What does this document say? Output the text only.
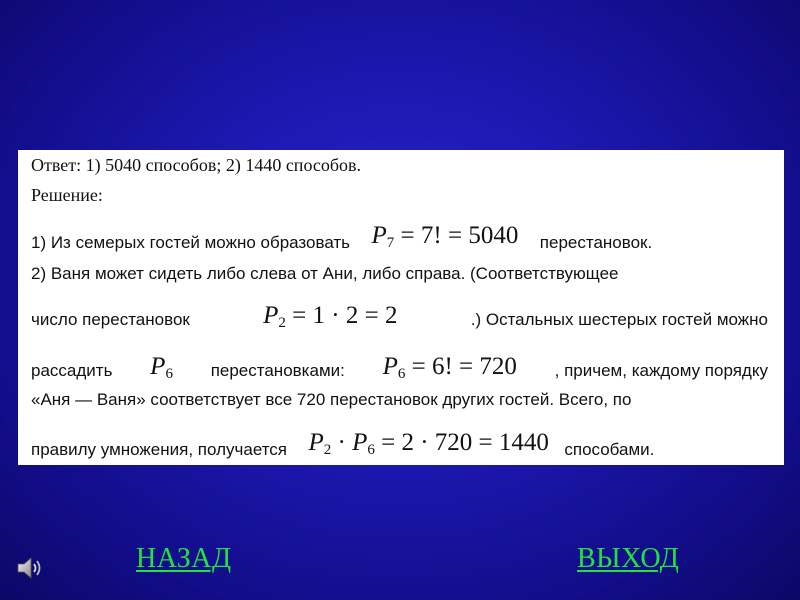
Ответ: 1) 5040 способов; 2) 1440 способов.
Решение:
1) Из семерых гостей можно образовать $P_7 = 7$! = 5040 перестановок.
2) Ваня может сидеть либо слева от Ани, либо справа. (Соответствующее
число перестановок	$P_2 = 1 \cdot 2 = 2$	.) Остальных шестерых гостей можно
рассадить $P_6$ перестановками: $P_6 = 6$! = 720 , причем, каждому порядку
«Аня — Ваня» соответствует все 720 перестановок других гостей. Всего, по
правилу умножения, получается $P_2 \cdot P_6 = 2 \cdot 720 = 1440$ способами.
НАЗАД	ВЫХОД
